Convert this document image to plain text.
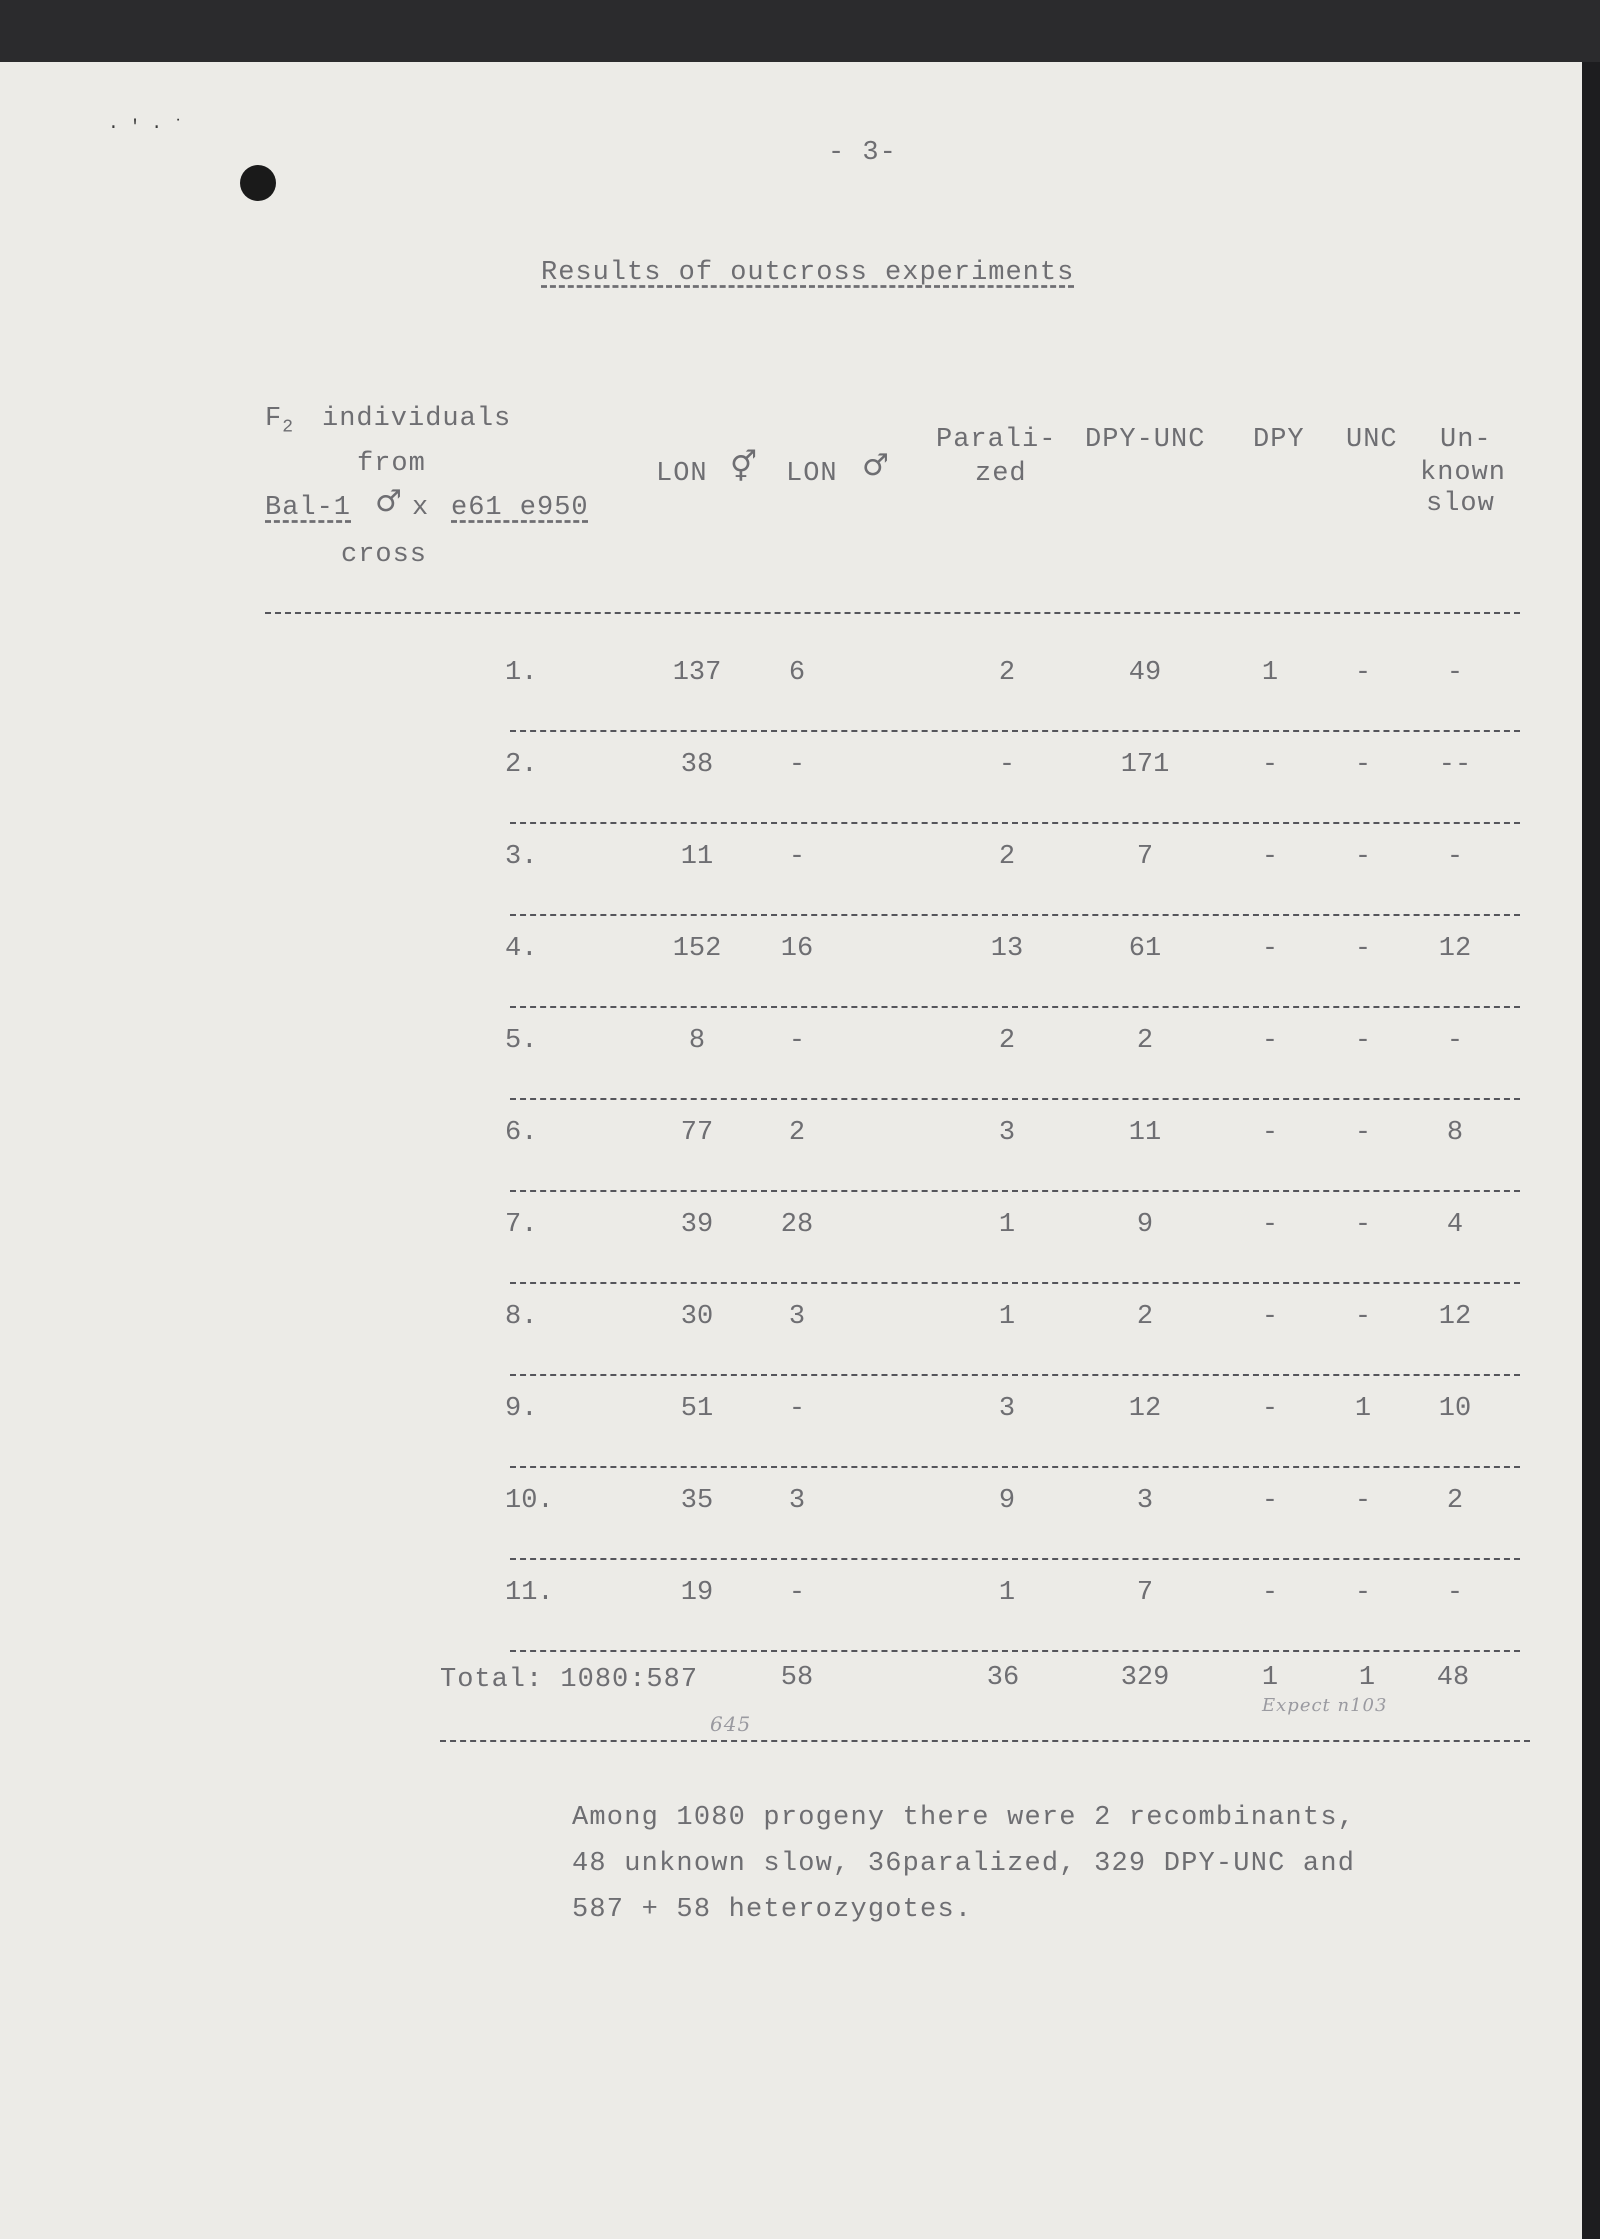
· ′ · ˙
- 3-
Results of outcross experiments
$F_2$ individuals
from
Bal-1 ♂ x e61 e950
cross
LON ⚥ LON ♂
Parali-
zed
DPY-UNC DPY UNC Un-
known
slow
1.	137	6	2	49	1	-	-
2.	38	-	-	171	-	-	--
3.	11	-	2	7	-	-	-
4.	152	16	13	61	-	-	12
5.	8	-	2	2	-	-	-
6.	77	2	3	11	-	-	8
7.	39	28	1	9	-	-	4
8.	30	3	1	2	-	-	12
9.	51	-	3	12	-	1	10
10.	35	3	9	3	-	-	2
11.	19	-	1	7	-	-	-
Total: 1080:587	58	36	329	1	1	48
645
Expect n103
Among 1080 progeny there were 2 recombinants,
48 unknown slow, 36paralized, 329 DPY-UNC and
587 + 58 heterozygotes.
